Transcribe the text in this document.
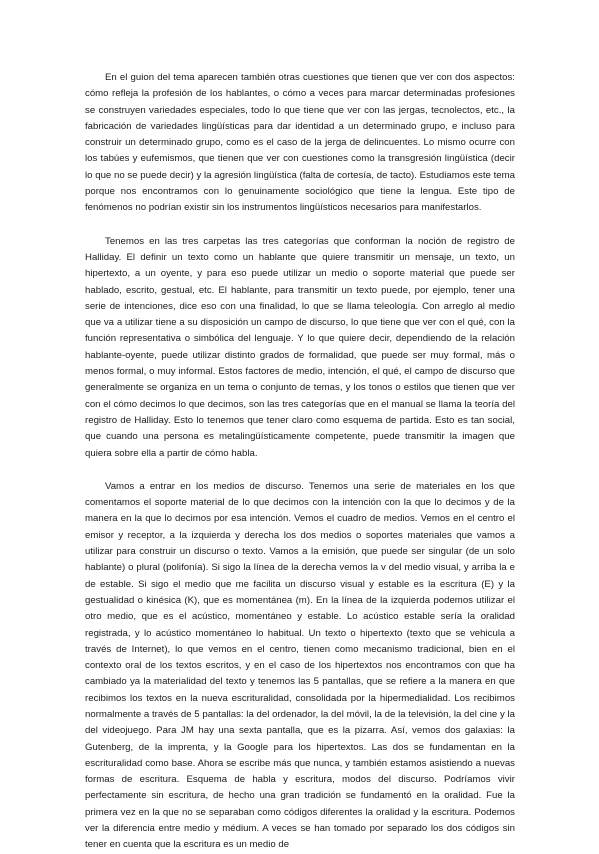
En el guion del tema aparecen también otras cuestiones que tienen que ver con dos aspectos: cómo refleja la profesión de los hablantes, o cómo a veces para marcar determinadas profesiones se construyen variedades especiales, todo lo que tiene que ver con las jergas, tecnolectos, etc., la fabricación de variedades lingüísticas para dar identidad a un determinado grupo, e incluso para construir un determinado grupo, como es el caso de la jerga de delincuentes. Lo mismo ocurre con los tabúes y eufemismos, que tienen que ver con cuestiones como la transgresión lingüística (decir lo que no se puede decir) y la agresión lingüística (falta de cortesía, de tacto). Estudiamos este tema porque nos encontramos con lo genuinamente sociológico que tiene la lengua. Este tipo de fenómenos no podrían existir sin los instrumentos lingüísticos necesarios para manifestarlos.

Tenemos en las tres carpetas las tres categorías que conforman la noción de registro de Halliday. El definir un texto como un hablante que quiere transmitir un mensaje, un texto, un hipertexto, a un oyente, y para eso puede utilizar un medio o soporte material que puede ser hablado, escrito, gestual, etc. El hablante, para transmitir un texto puede, por ejemplo, tener una serie de intenciones, dice eso con una finalidad, lo que se llama teleología. Con arreglo al medio que va a utilizar tiene a su disposición un campo de discurso, lo que tiene que ver con el qué, con la función representativa o simbólica del lenguaje. Y lo que quiere decir, dependiendo de la relación hablante-oyente, puede utilizar distinto grados de formalidad, que puede ser muy formal, más o menos formal, o muy informal. Estos factores de medio, intención, el qué, el campo de discurso que generalmente se organiza en un tema o conjunto de temas, y los tonos o estilos que tienen que ver con el cómo decimos lo que decimos, son las tres categorías que en el manual se llama la teoría del registro de Halliday. Esto lo tenemos que tener claro como esquema de partida. Esto es tan social, que cuando una persona es metalingüísticamente competente, puede transmitir la imagen que quiera sobre ella a partir de cómo habla.

Vamos a entrar en los medios de discurso. Tenemos una serie de materiales en los que comentamos el soporte material de lo que decimos con la intención con la que lo decimos y de la manera en la que lo decimos por esa intención. Vemos el cuadro de medios. Vemos en el centro el emisor y receptor, a la izquierda y derecha los dos medios o soportes materiales que vamos a utilizar para construir un discurso o texto. Vamos a la emisión, que puede ser singular (de un solo hablante) o plural (polifonía). Si sigo la línea de la derecha vemos la v del medio visual, y arriba la e de estable. Si sigo el medio que me facilita un discurso visual y estable es la escritura (E) y la gestualidad o kinésica (K), que es momentánea (m). En la línea de la izquierda podemos utilizar el otro medio, que es el acústico, momentáneo y estable. Lo acústico estable sería la oralidad registrada, y lo acústico momentáneo lo habitual. Un texto o hipertexto (texto que se vehicula a través de Internet), lo que vemos en el centro, tienen como mecanismo tradicional, bien en el contexto oral de los textos escritos, y en el caso de los hipertextos nos encontramos con que ha cambiado ya la materialidad del texto y tenemos las 5 pantallas, que se refiere a la manera en que recibimos los textos en la nueva escrituralidad, consolidada por la hipermedialidad. Los recibimos normalmente a través de 5 pantallas: la del ordenador, la del móvil, la de la televisión, la del cine y la del videojuego. Para JM hay una sexta pantalla, que es la pizarra. Así, vemos dos galaxias: la Gutenberg, de la imprenta, y la Google para los hipertextos. Las dos se fundamentan en la escrituralidad como base. Ahora se escribe más que nunca, y también estamos asistiendo a nuevas formas de escritura. Esquema de habla y escritura, modos del discurso. Podríamos vivir perfectamente sin escritura, de hecho una gran tradición se fundamentó en la oralidad. Fue la primera vez en la que no se separaban como códigos diferentes la oralidad y la escritura. Podemos ver la diferencia entre medio y médium. A veces se han tomado por separado los dos códigos sin tener en cuenta que la escritura es un medio de
